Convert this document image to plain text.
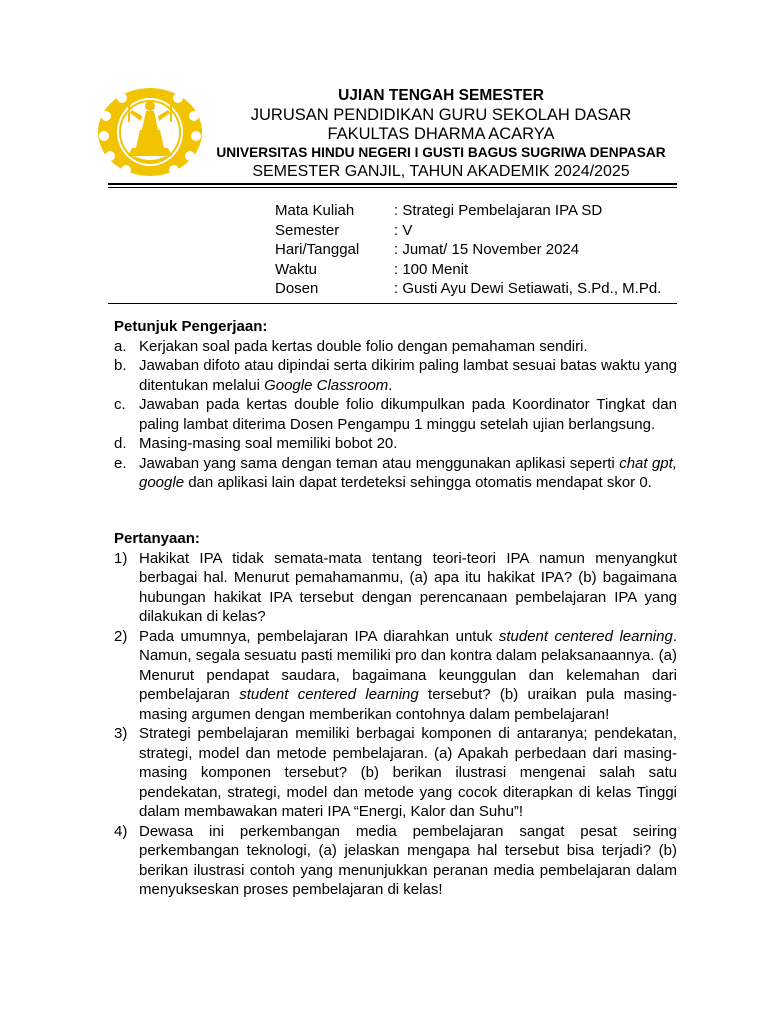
UJIAN TENGAH SEMESTER
JURUSAN PENDIDIKAN GURU SEKOLAH DASAR
FAKULTAS DHARMA ACARYA
UNIVERSITAS HINDU NEGERI I GUSTI BAGUS SUGRIWA DENPASAR
SEMESTER GANJIL, TAHUN AKADEMIK 2024/2025
Mata Kuliah	: Strategi Pembelajaran IPA SD
Semester	: V
Hari/Tanggal : Jumat/ 15 November 2024
Waktu	: 100 Menit
Dosen	: Gusti Ayu Dewi Setiawati, S.Pd., M.Pd.
Petunjuk Pengerjaan:
a. Kerjakan soal pada kertas double folio dengan pemahaman sendiri.
b. Jawaban difoto atau dipindai serta dikirim paling lambat sesuai batas waktu yang ditentukan melalui Google Classroom.
c. Jawaban pada kertas double folio dikumpulkan pada Koordinator Tingkat dan paling lambat diterima Dosen Pengampu 1 minggu setelah ujian berlangsung.
d. Masing-masing soal memiliki bobot 20.
e. Jawaban yang sama dengan teman atau menggunakan aplikasi seperti chat gpt, google dan aplikasi lain dapat terdeteksi sehingga otomatis mendapat skor 0.
Pertanyaan:
1) Hakikat IPA tidak semata-mata tentang teori-teori IPA namun menyangkut berbagai hal. Menurut pemahamanmu, (a) apa itu hakikat IPA? (b) bagaimana hubungan hakikat IPA tersebut dengan perencanaan pembelajaran IPA yang dilakukan di kelas?
2) Pada umumnya, pembelajaran IPA diarahkan untuk student centered learning. Namun, segala sesuatu pasti memiliki pro dan kontra dalam pelaksanaannya. (a) Menurut pendapat saudara, bagaimana keunggulan dan kelemahan dari pembelajaran student centered learning tersebut? (b) uraikan pula masing-masing argumen dengan memberikan contohnya dalam pembelajaran!
3) Strategi pembelajaran memiliki berbagai komponen di antaranya; pendekatan, strategi, model dan metode pembelajaran. (a) Apakah perbedaan dari masing-masing komponen tersebut? (b) berikan ilustrasi mengenai salah satu pendekatan, strategi, model dan metode yang cocok diterapkan di kelas Tinggi dalam membawakan materi IPA “Energi, Kalor dan Suhu”!
4) Dewasa ini perkembangan media pembelajaran sangat pesat seiring perkembangan teknologi, (a) jelaskan mengapa hal tersebut bisa terjadi? (b) berikan ilustrasi contoh yang menunjukkan peranan media pembelajaran dalam menyukseskan proses pembelajaran di kelas!
